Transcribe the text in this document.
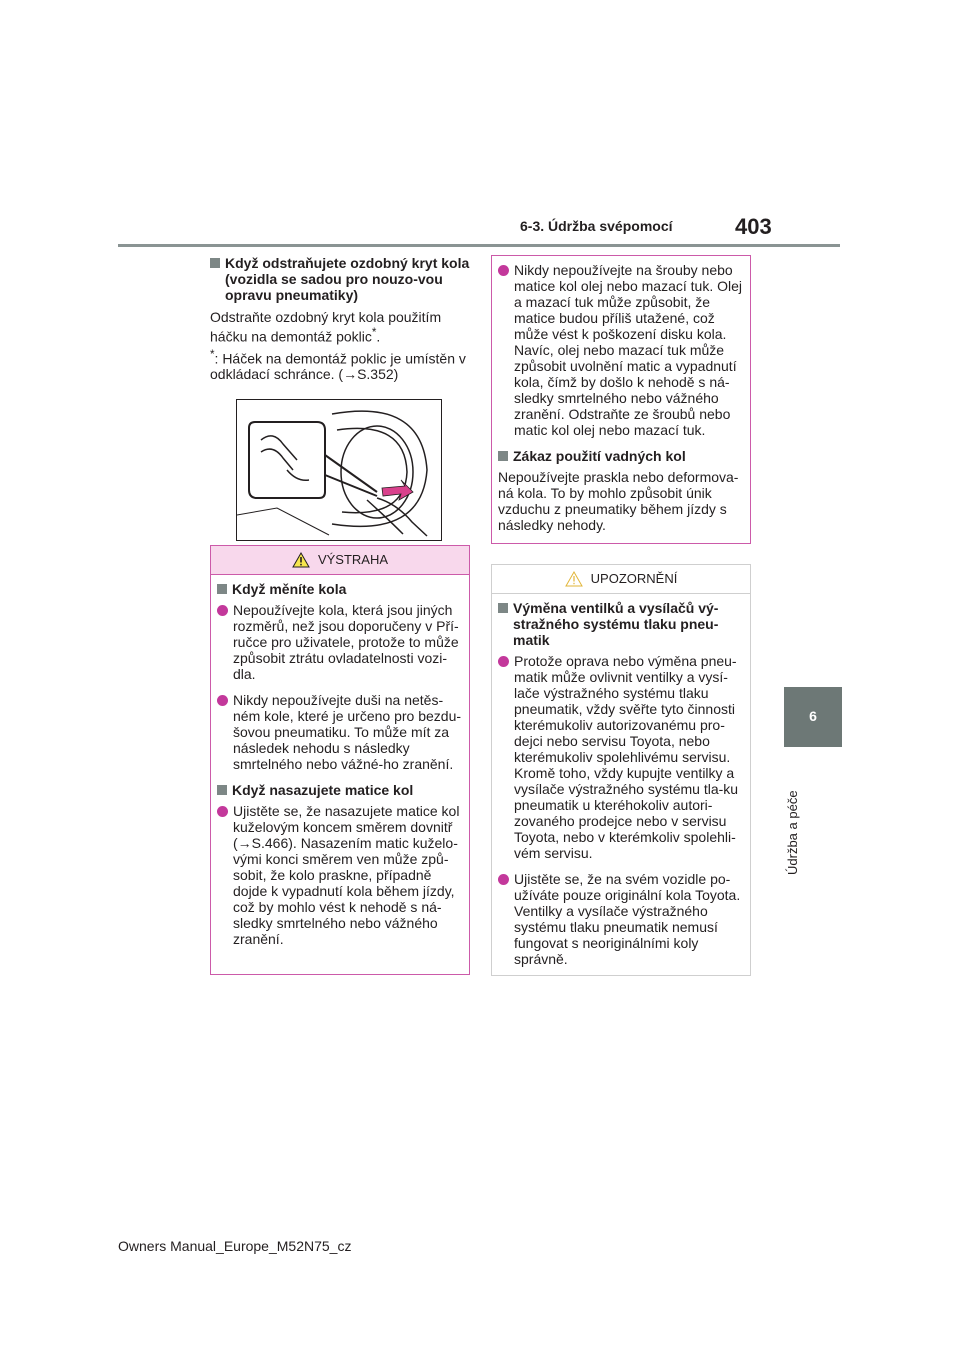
6-3. Údržba svépomocí	403
6
Údržba a péče
Když odstraňujete ozdobný kryt kola (vozidla se sadou pro nouzo-vou opravu pneumatiky)

Odstraňte ozdobný kryt kola použitím háčku na demontáž poklic*.

*: Háček na demontáž poklic je umístěn v odkládací schránce. (→S.352)

VÝSTRAHA
Když měníte kola
Nepoužívejte kola, která jsou jiných rozměrů, než jsou doporučeny v Pří-ručce pro uživatele, protože to může způsobit ztrátu ovladatelnosti vozi-dla.
Nikdy nepoužívejte duši na netěs-ném kole, které je určeno pro bezdu-šovou pneumatiku. To může mít za následek nehodu s následky smrtelného nebo vážné-ho zranění.
Když nasazujete matice kol
Ujistěte se, že nasazujete matice kol kuželovým koncem směrem dovnitř (→S.466). Nasazením matic kuželo-vými konci směrem ven může způ-sobit, že kolo praskne, případně dojde k vypadnutí kola během jízdy, což by mohlo vést k nehodě s ná-sledky smrtelného nebo vážného zranění.
Nikdy nepoužívejte na šrouby nebo matice kol olej nebo mazací tuk. Olej a mazací tuk může způsobit, že matice budou příliš utažené, což může vést k poškození disku kola. Navíc, olej nebo mazací tuk může způsobit uvolnění matic a vypadnutí kola, čímž by došlo k nehodě s ná-sledky smrtelného nebo vážného zranění. Odstraňte ze šroubů nebo matic kol olej nebo mazací tuk.
Zákaz použití vadných kol

Nepoužívejte praskla nebo deformova-ná kola. To by mohlo způsobit únik vzduchu z pneumatiky během jízdy s následky nehody.

UPOZORNĚNÍ
Výměna ventilků a vysílačů vý-stražného systému tlaku pneu-matik
Protože oprava nebo výměna pneu-matik může ovlivnit ventilky a vysí-lače výstražného systému tlaku pneumatik, vždy svěřte tyto činnosti kterémukoliv autorizovanému pro-dejci nebo servisu Toyota, nebo kterémukoliv spolehlivému servisu. Kromě toho, vždy kupujte ventilky a vysílače výstražného systému tla-ku pneumatik u kteréhokoliv autori-zovaného prodejce nebo v servisu Toyota, nebo v kterémkoliv spolehli-vém servisu.
Ujistěte se, že na svém vozidle po-užíváte pouze originální kola Toyota. Ventilky a vysílače výstražného systému tlaku pneumatik nemusí fungovat s neoriginálními koly správně.
Owners Manual_Europe_M52N75_cz
